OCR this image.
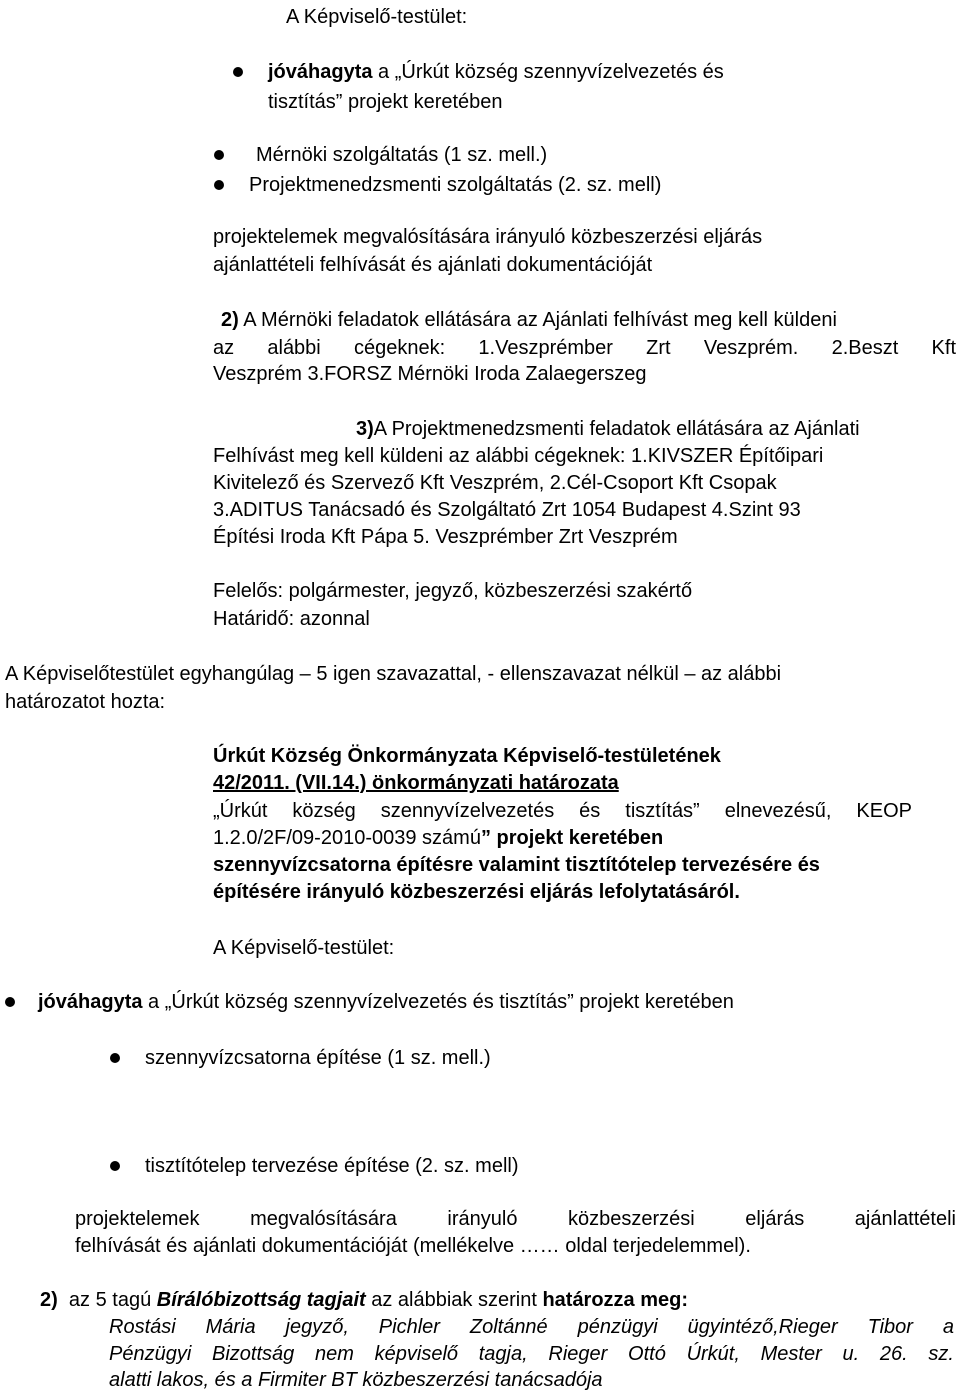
A Képviselő-testület:
jóváhagyta a „Úrkút község szennyvízelvezetés és
tisztítás” projekt keretében
Mérnöki szolgáltatás (1 sz. mell.)
Projektmenedzsmenti szolgáltatás (2. sz. mell)
projektelemek megvalósítására irányuló közbeszerzési eljárás
ajánlattételi felhívását és ajánlati dokumentációját
2) A Mérnöki feladatok ellátására az Ajánlati felhívást meg kell küldeni
az alábbi cégeknek: 1.Veszprémber Zrt Veszprém. 2.Beszt Kft
Veszprém 3.FORSZ Mérnöki Iroda Zalaegerszeg
3)A Projektmenedzsmenti feladatok ellátására az Ajánlati
Felhívást meg kell küldeni az alábbi cégeknek: 1.KIVSZER Építőipari
Kivitelező és Szervező Kft Veszprém, 2.Cél-Csoport Kft Csopak
3.ADITUS Tanácsadó és Szolgáltató Zrt 1054 Budapest 4.Szint 93
Építési Iroda Kft Pápa 5. Veszprémber Zrt Veszprém
Felelős: polgármester, jegyző, közbeszerzési szakértő
Határidő: azonnal
A Képviselőtestület egyhangúlag – 5 igen szavazattal, - ellenszavazat nélkül – az alábbi
határozatot hozta:
Úrkút Község Önkormányzata Képviselő-testületének
42/2011. (VII.14.) önkormányzati határozata
„Úrkút község szennyvízelvezetés és tisztítás” elnevezésű, KEOP
1.2.0/2F/09-2010-0039 számú” projekt keretében
szennyvízcsatorna építésre valamint tisztítótelep tervezésére és
építésére irányuló közbeszerzési eljárás lefolytatásáról.
A Képviselő-testület:
jóváhagyta a „Úrkút község szennyvízelvezetés és tisztítás” projekt keretében
szennyvízcsatorna építése (1 sz. mell.)
tisztítótelep tervezése építése (2. sz. mell)
projektelemek megvalósítására irányuló közbeszerzési eljárás ajánlattételi
felhívását és ajánlati dokumentációját (mellékelve …… oldal terjedelemmel).
2)  az 5 tagú Bírálóbizottság tagjait az alábbiak szerint határozza meg:
Rostási Mária jegyző, Pichler Zoltánné pénzügyi ügyintéző,Rieger Tibor a
Pénzügyi Bizottság nem képviselő tagja, Rieger Ottó Úrkút, Mester u. 26. sz.
alatti lakos, és a Firmiter BT közbeszerzési tanácsadója
